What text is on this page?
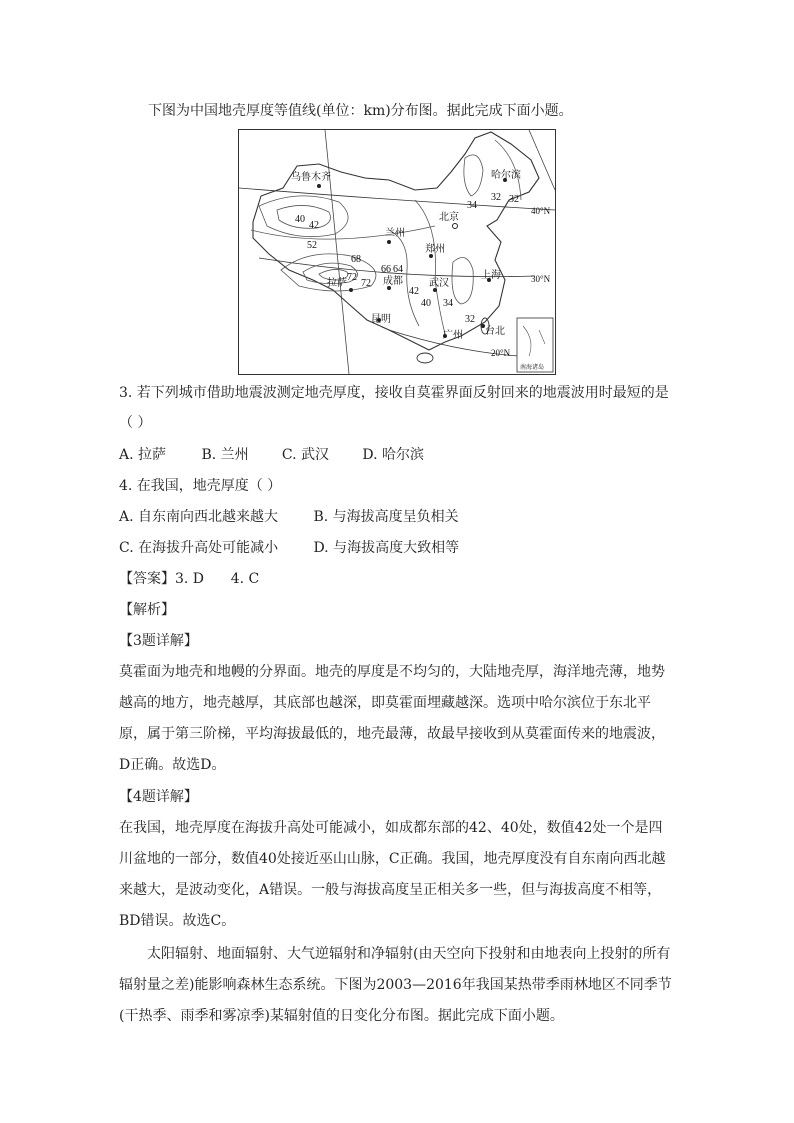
下图为中国地壳厚度等值线(单位：km)分布图。据此完成下面小题。
乌鲁木齐	哈尔滨
北京
兰州
郑州
拉萨	成都	武汉
上海
昆明
广州 台北
40
42
52
68
72
72
66 64
42
40 34
32
34
32 32
40°N
30°N
20°N
南海诸岛
3. 若下列城市借助地震波测定地壳厚度，接收自莫霍界面反射回来的地震波用时最短的是
（ ）
A. 拉萨	B. 兰州 C. 武汉 D. 哈尔滨
4. 在我国，地壳厚度（ ）
A. 自东南向西北越来越大	B. 与海拔高度呈负相关
C. 在海拔升高处可能减小	D. 与海拔高度大致相等
【答案】3. D      4. C
【解析】
【3题详解】
莫霍面为地壳和地幔的分界面。地壳的厚度是不均匀的，大陆地壳厚，海洋地壳薄，地势
越高的地方，地壳越厚，其底部也越深，即莫霍面埋藏越深。选项中哈尔滨位于东北平
原，属于第三阶梯，平均海拔最低的，地壳最薄，故最早接收到从莫霍面传来的地震波，
D正确。故选D。
【4题详解】
在我国，地壳厚度在海拔升高处可能减小，如成都东部的42、40处，数值42处一个是四
川盆地的一部分，数值40处接近巫山山脉，C正确。我国，地壳厚度没有自东南向西北越
来越大，是波动变化，A错误。一般与海拔高度呈正相关多一些，但与海拔高度不相等，
BD错误。故选C。
太阳辐射、地面辐射、大气逆辐射和净辐射(由天空向下投射和由地表向上投射的所有
辐射量之差)能影响森林生态系统。下图为2003—2016年我国某热带季雨林地区不同季节
(干热季、雨季和雾凉季)某辐射值的日变化分布图。据此完成下面小题。
